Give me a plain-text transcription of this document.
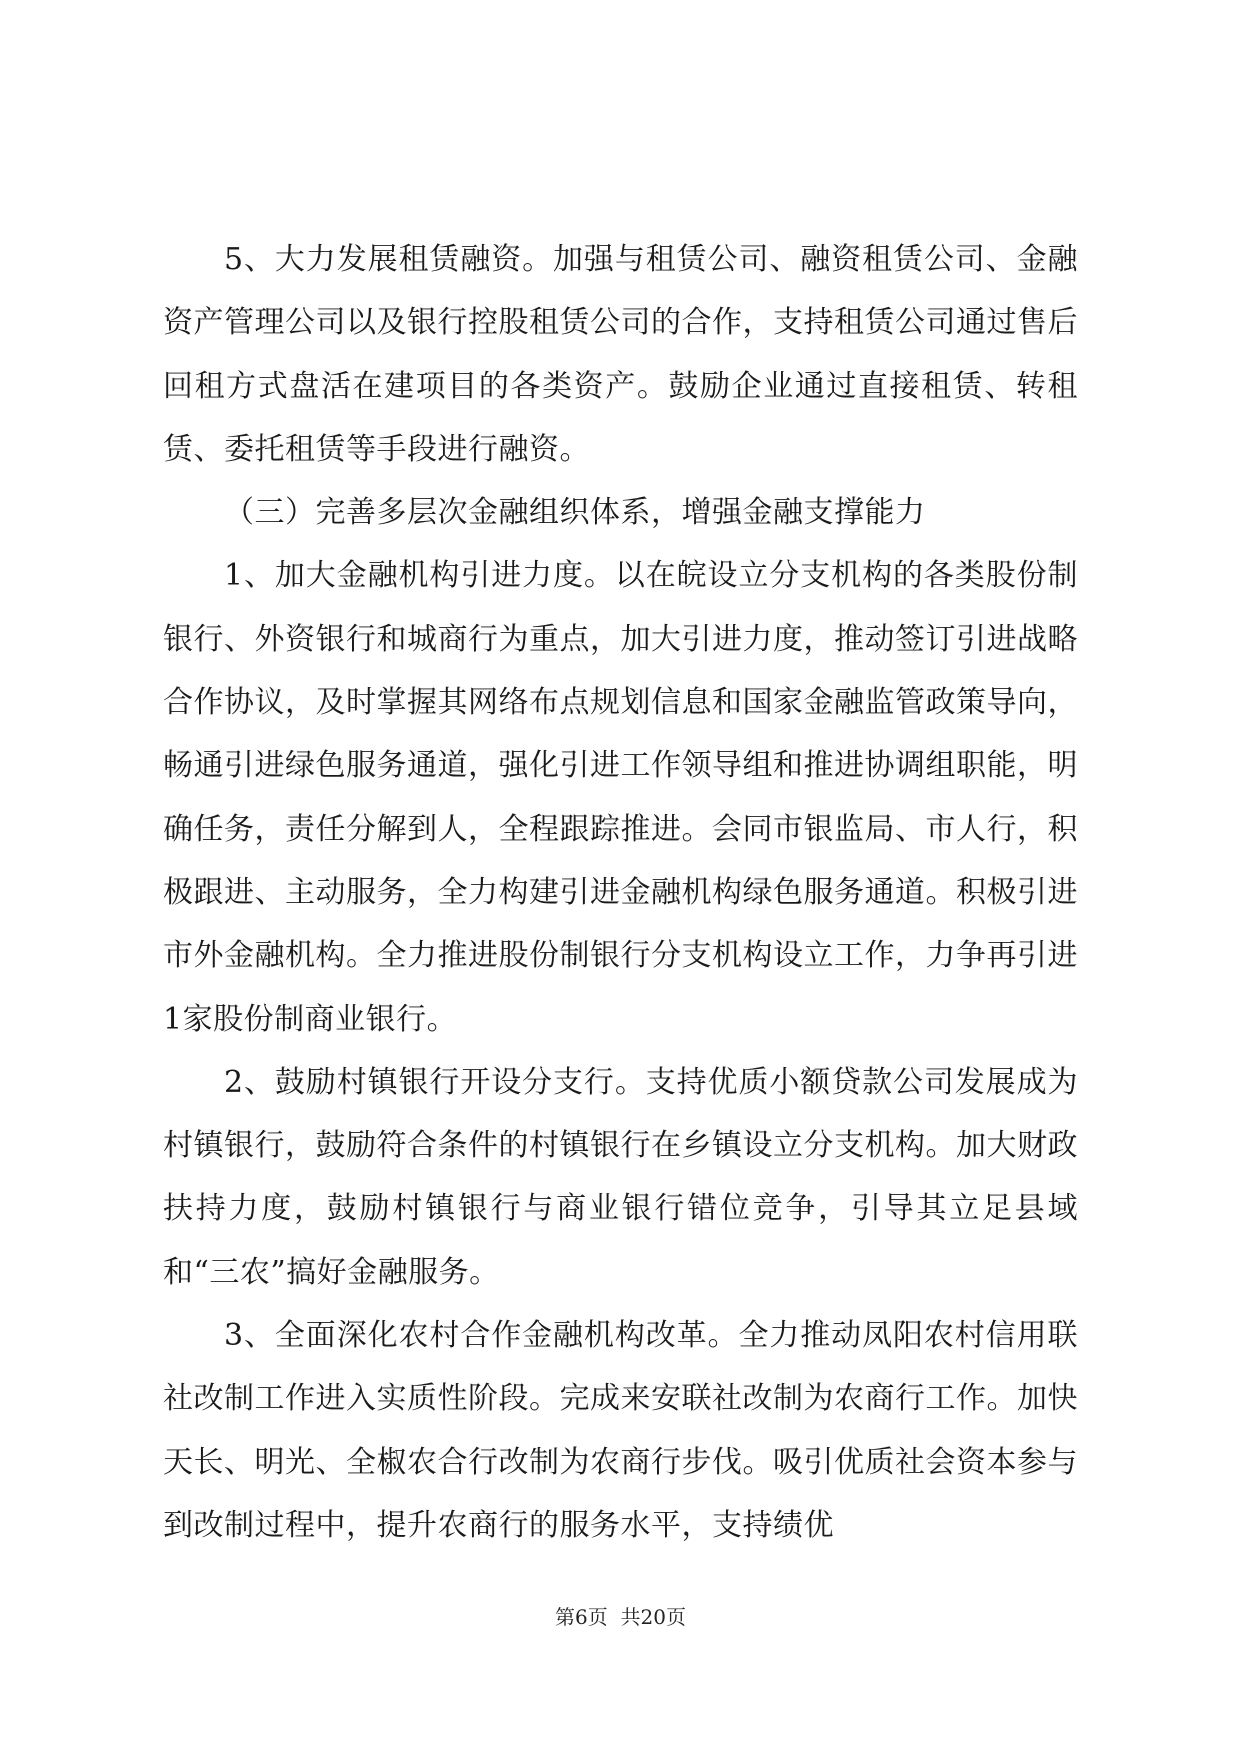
5、大力发展租赁融资。加强与租赁公司、融资租赁公司、金融资产管理公司以及银行控股租赁公司的合作，支持租赁公司通过售后回租方式盘活在建项目的各类资产。鼓励企业通过直接租赁、转租赁、委托租赁等手段进行融资。

（三）完善多层次金融组织体系，增强金融支撑能力

1、加大金融机构引进力度。以在皖设立分支机构的各类股份制银行、外资银行和城商行为重点，加大引进力度，推动签订引进战略合作协议，及时掌握其网络布点规划信息和国家金融监管政策导向，畅通引进绿色服务通道，强化引进工作领导组和推进协调组职能，明确任务，责任分解到人，全程跟踪推进。会同市银监局、市人行，积极跟进、主动服务，全力构建引进金融机构绿色服务通道。积极引进市外金融机构。全力推进股份制银行分支机构设立工作，力争再引进1家股份制商业银行。

2、鼓励村镇银行开设分支行。支持优质小额贷款公司发展成为村镇银行，鼓励符合条件的村镇银行在乡镇设立分支机构。加大财政扶持力度，鼓励村镇银行与商业银行错位竞争，引导其立足县域和“三农”搞好金融服务。

3、全面深化农村合作金融机构改革。全力推动凤阳农村信用联社改制工作进入实质性阶段。完成来安联社改制为农商行工作。加快天长、明光、全椒农合行改制为农商行步伐。吸引优质社会资本参与到改制过程中，提升农商行的服务水平，支持绩优

第6页 共20页
